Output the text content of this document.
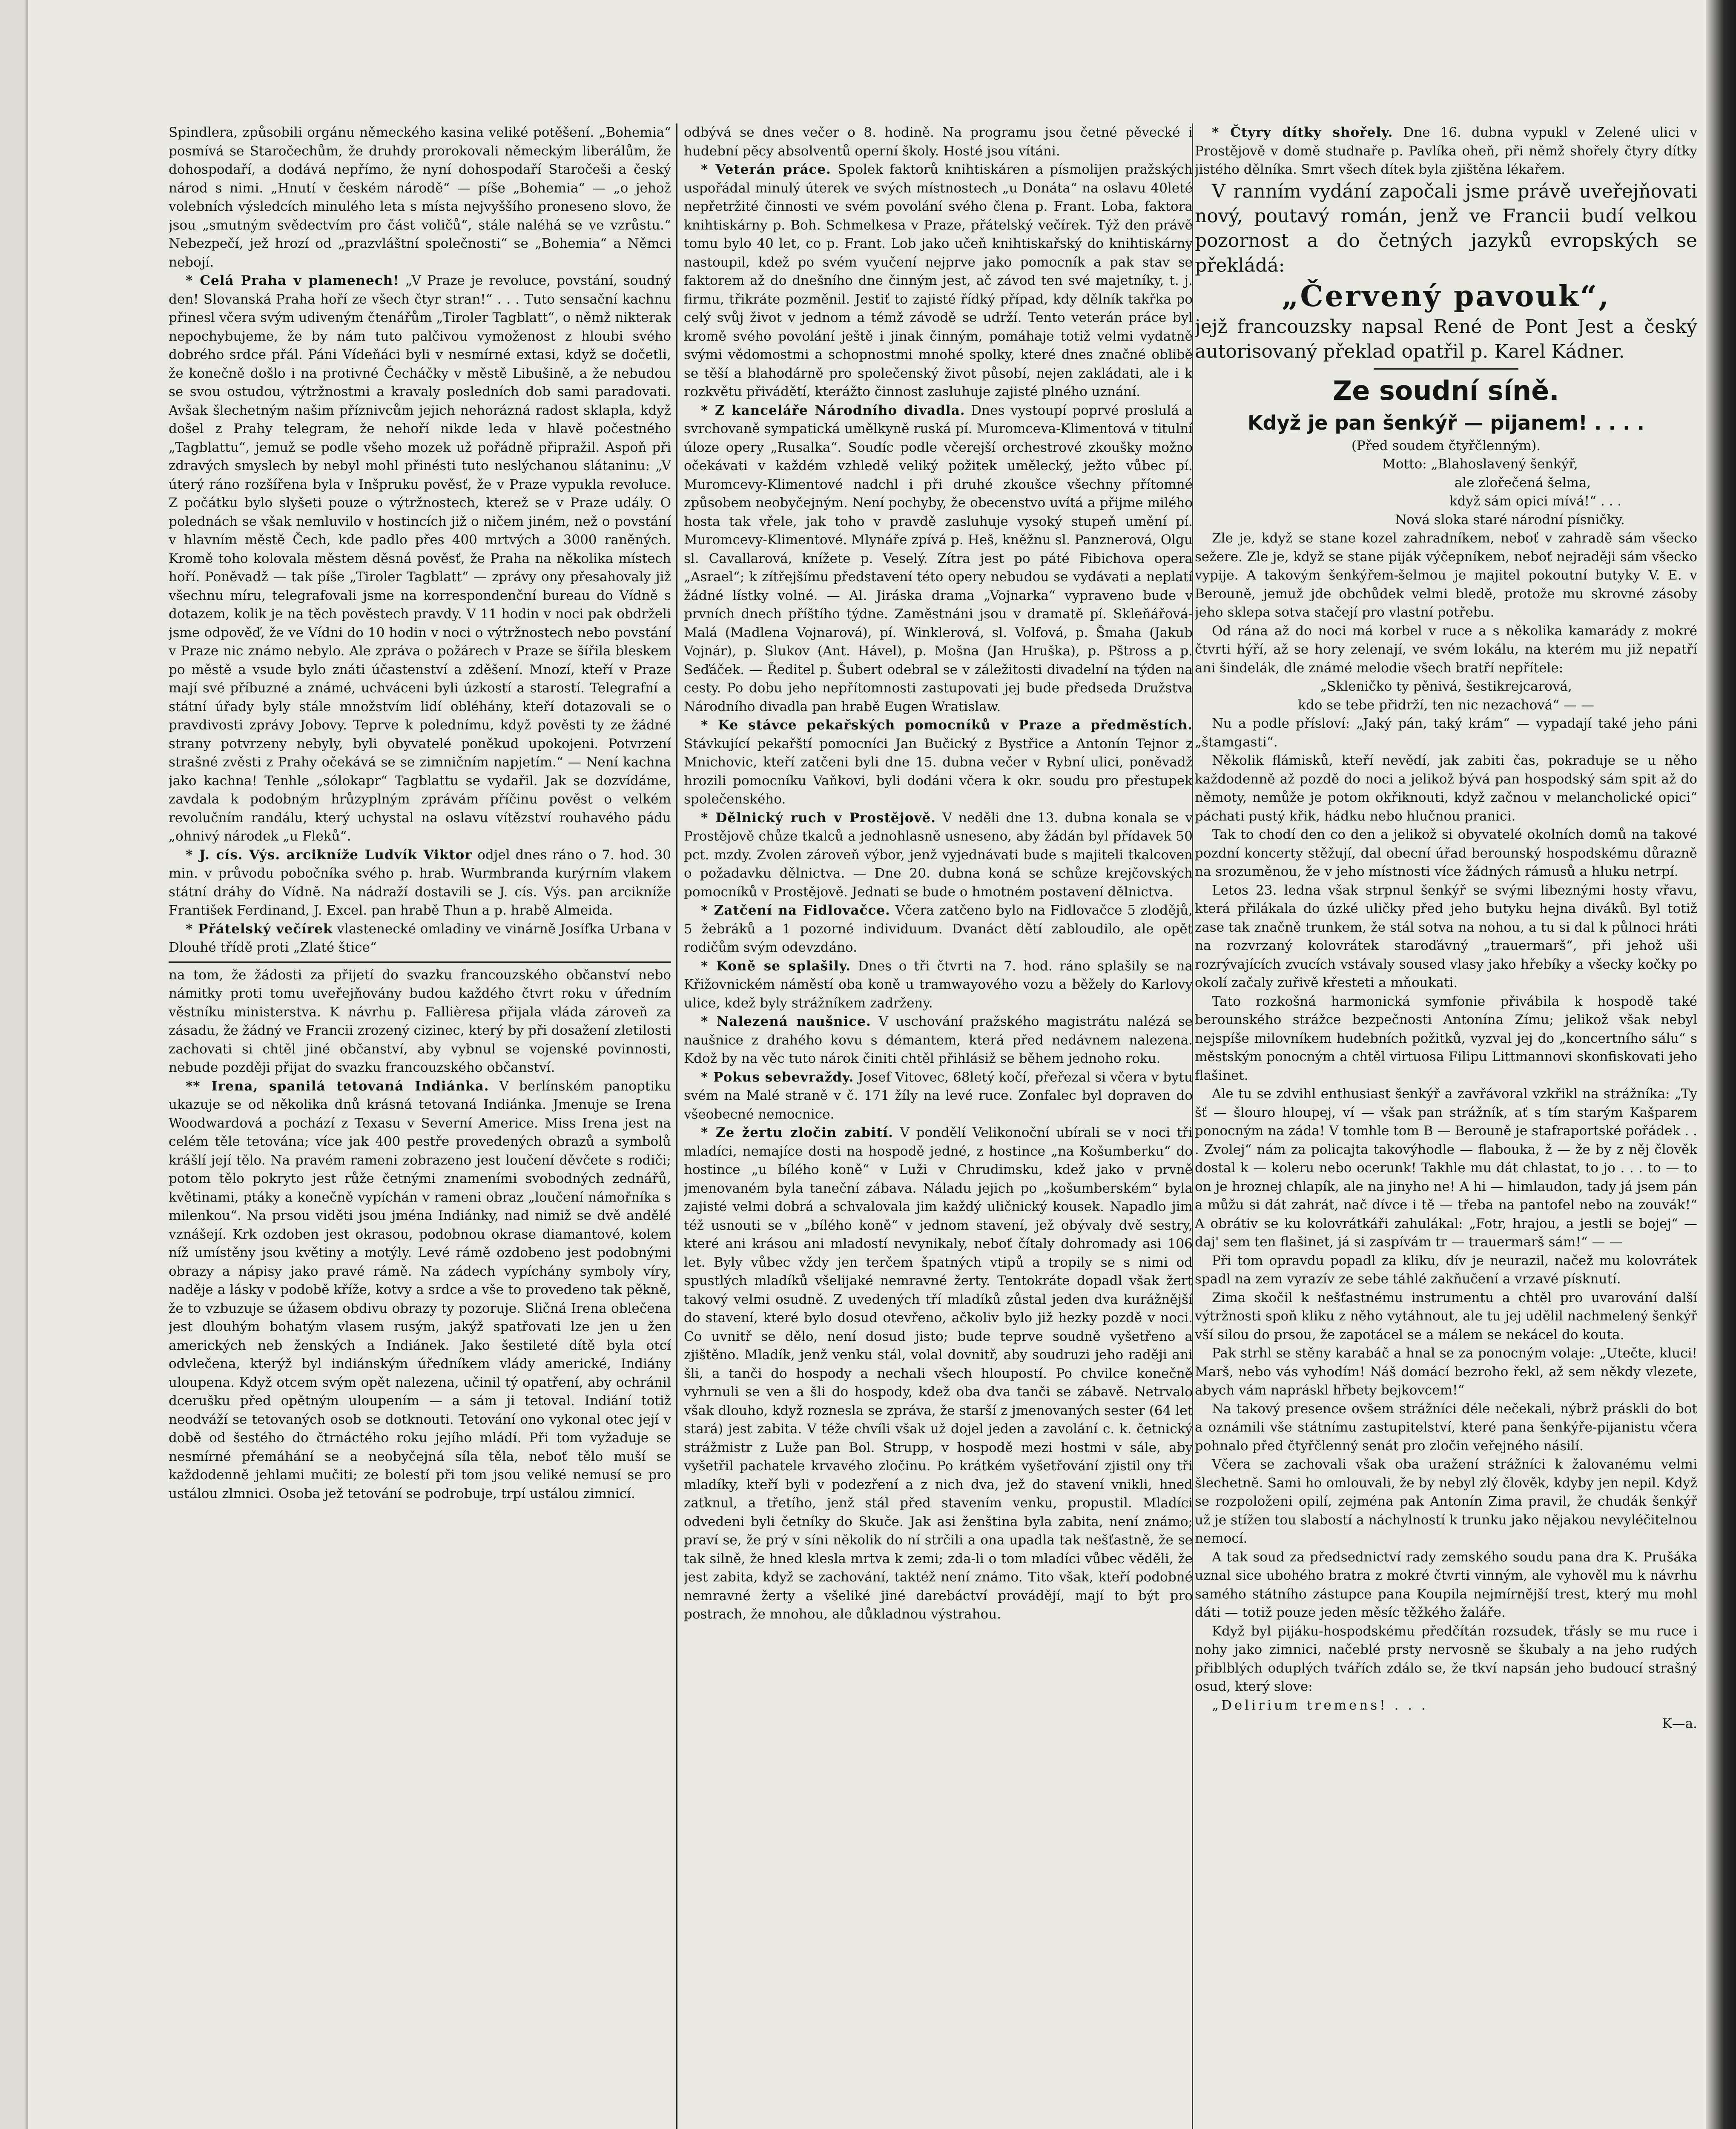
Spindlera, způsobili orgánu německého kasina veliké potěšení. „Bohemia“ posmívá se Staročechům, že druhdy prorokovali německým liberálům, že dohospodaří, a dodává nepřímo, že nyní dohospodaří Staročeši a český národ s nimi. „Hnutí v českém národě“ — píše „Bohemia“ — „o jehož volebních výsledcích minulého leta s místa nejvyššího proneseno slovo, že jsou „smutným svědectvím pro část voličů“, stále naléhá se ve vzrůstu.“ Nebezpečí, jež hrozí od „prazvláštní společnosti“ se „Bohemia“ a Němci nebojí.

* Celá Praha v plamenech! „V Praze je revoluce, povstání, soudný den! Slovanská Praha hoří ze všech čtyr stran!“ . . . Tuto sensační kachnu přinesl včera svým udiveným čtenářům „Tiroler Tagblatt“, o němž nikterak nepochybujeme, že by nám tuto palčivou vymoženost z hloubi svého dobrého srdce přál. Páni Vídeňáci byli v nesmírné extasi, když se dočetli, že konečně došlo i na protivné Čecháčky v městě Libušině, a že nebudou se svou ostudou, výtržnostmi a kravaly posledních dob sami paradovati. Avšak šlechetným našim příznivcům jejich nehorázná radost sklapla, když došel z Prahy telegram, že nehoří nikde leda v hlavě počestného „Tagblattu“, jemuž se podle všeho mozek už pořádně připražil. Aspoň při zdravých smyslech by nebyl mohl přinésti tuto neslýchanou slátaninu: „V úterý ráno rozšířena byla v Inšpruku pověsť, že v Praze vypukla revoluce. Z počátku bylo slyšeti pouze o výtržnostech, kterež se v Praze udály. O polednách se však nemluvilo v hostincích již o ničem jiném, než o povstání v hlavním městě Čech, kde padlo přes 400 mrtvých a 3000 raněných. Kromě toho kolovala městem děsná pověsť, že Praha na několika místech hoří. Poněvadž — tak píše „Tiroler Tagblatt“ — zprávy ony přesahovaly již všechnu míru, telegrafovali jsme na korrespondenční bureau do Vídně s dotazem, kolik je na těch pověstech pravdy. V 11 hodin v noci pak obdrželi jsme odpověď, že ve Vídni do 10 hodin v noci o výtržnostech nebo povstání v Praze nic známo nebylo. Ale zpráva o požárech v Praze se šířila bleskem po městě a vsude bylo znáti účastenství a zděšení. Mnozí, kteří v Praze mají své příbuzné a známé, uchváceni byli úzkostí a starostí. Telegrafní a státní úřady byly stále množstvím lidí obléhány, kteří dotazovali se o pravdivosti zprávy Jobovy. Teprve k polednímu, když pověsti ty ze žádné strany potvrzeny nebyly, byli obyvatelé poněkud upokojeni. Potvrzení strašné zvěsti z Prahy očekává se se zimničním napjetím.“ — Není kachna jako kachna! Tenhle „sólokapr“ Tagblattu se vydařil. Jak se dozvídáme, zavdala k podobným hrůzyplným zprávám příčinu pověst o velkém revolučním randálu, který uchystal na oslavu vítězství rouhavého pádu „ohnivý národek „u Fleků“.

* J. cís. Výs. arcikníže Ludvík Viktor odjel dnes ráno o 7. hod. 30 min. v průvodu pobočníka svého p. hrab. Wurmbranda kurýrním vlakem státní dráhy do Vídně. Na nádraží dostavili se J. cís. Výs. pan arcikníže František Ferdinand, J. Excel. pan hrabě Thun a p. hrabě Almeida.

* Přátelský večírek vlastenecké omladiny ve vinárně Josífka Urbana v Dlouhé třídě proti „Zlaté štice“

na tom, že žádosti za přijetí do svazku francouzského občanství nebo námitky proti tomu uveřejňovány budou každého čtvrt roku v úředním věstníku ministerstva. K návrhu p. Fallièresa přijala vláda zároveň za zásadu, že žádný ve Francii zrozený cizinec, který by při dosažení zletilosti zachovati si chtěl jiné občanství, aby vybnul se vojenské povinnosti, nebude později přijat do svazku francouzského občanství.

** Irena, spanilá tetovaná Indiánka. V berlínském panoptiku ukazuje se od několika dnů krásná tetovaná Indiánka. Jmenuje se Irena Woodwardová a pochází z Texasu v Severní Americe. Miss Irena jest na celém těle tetována; více jak 400 pestře provedených obrazů a symbolů krášlí její tělo. Na pravém rameni zobrazeno jest loučení děvčete s rodiči; potom tělo pokryto jest růže četnými znameními svobodných zednářů, květinami, ptáky a konečně vypíchán v rameni obraz „loučení námořníka s milenkou“. Na prsou viděti jsou jména Indiánky, nad nimiž se dvě andělé vznášejí. Krk ozdoben jest okrasou, podobnou okrase diamantové, kolem níž umístěny jsou květiny a motýly. Levé rámě ozdobeno jest podobnými obrazy a nápisy jako pravé rámě. Na zádech vypíchány symboly víry, naděje a lásky v podobě kříže, kotvy a srdce a vše to provedeno tak pěkně, že to vzbuzuje se úžasem obdivu obrazy ty pozoruje. Sličná Irena oblečena jest dlouhým bohatým vlasem rusým, jakýž spatřovati lze jen u žen amerických neb ženských a Indiánek. Jako šestileté dítě byla otcí odvlečena, kterýž byl indiánským úředníkem vlády americké, Indiány uloupena. Když otcem svým opět nalezena, učinil tý opatření, aby ochránil dcerušku před opětným uloupením — a sám ji tetoval. Indiání totiž neodváží se tetovaných osob se dotknouti. Tetování ono vykonal otec její v době od šestého do čtrnáctého roku jejího mládí. Při tom vyžaduje se nesmírné přemáhání se a neobyčejná síla těla, neboť tělo muší se každodenně jehlami mučiti; ze bolestí při tom jsou veliké nemusí se pro ustálou zlmnici. Osoba jež tetování se podrobuje, trpí ustálou zimnicí.

odbývá se dnes večer o 8. hodině. Na programu jsou četné pěvecké i hudební pĕcy absolventů operní školy. Hosté jsou vítáni.

* Veterán práce. Spolek faktorů knihtiskáren a písmolijen pražských uspořádal minulý úterek ve svých místnostech „u Donáta“ na oslavu 40leté nepřetržité činnosti ve svém povolání svého člena p. Frant. Loba, faktora knihtiskárny p. Boh. Schmelkesa v Praze, přátelský večírek. Týž den právě tomu bylo 40 let, co p. Frant. Lob jako učeň knihtiskařský do knihtiskárny nastoupil, kdež po svém vyučení nejprve jako pomocník a pak stav se faktorem až do dnešního dne činným jest, ač závod ten své majetníky, t. j. firmu, třikráte pozměnil. Jestiť to zajisté řídký případ, kdy dělník takřka po celý svůj život v jednom a témž závodě se udrží. Tento veterán práce byl kromě svého povolání ještě i jinak činným, pomáhaje totiž velmi vydatně svými vědomostmi a schopnostmi mnohé spolky, které dnes značné oblibě se těší a blahodárně pro společenský život působí, nejen zakládati, ale i k rozkvětu přivádětí, kterážto činnost zasluhuje zajisté plného uznání.

* Z kanceláře Národního divadla. Dnes vystoupí poprvé proslulá a svrchovaně sympatická umělkyně ruská pí. Muromceva-Klimentová v titulní úloze opery „Rusalka“. Soudíc podle včerejší orchestrové zkoušky možno očekávati v každém vzhledě veliký požitek umělecký, ježto vůbec pí. Muromcevy-Klimentové nadchl i při druhé zkoušce všechny přítomné způsobem neobyčejným. Není pochyby, že obecenstvo uvítá a přijme milého hosta tak vřele, jak toho v pravdě zasluhuje vysoký stupeň umění pí. Muromcevy-Klimentové. Mlynáře zpívá p. Heš, kněžnu sl. Panznerová, Olgu sl. Cavallarová, knížete p. Veselý. Zítra jest po páté Fibichova opera „Asrael“; k zítřejšímu představení této opery nebudou se vydávati a neplatí žádné lístky volné. — Al. Jiráska drama „Vojnarka“ vypraveno bude v prvních dnech příštího týdne. Zaměstnáni jsou v dramatě pí. Skleňářová-Malá (Madlena Vojnarová), pí. Winklerová, sl. Volfová, p. Šmaha (Jakub Vojnár), p. Slukov (Ant. Hável), p. Mošna (Jan Hruška), p. Pštross a p. Seďáček. — Ředitel p. Šubert odebral se v záležitosti divadelní na týden na cesty. Po dobu jeho nepřítomnosti zastupovati jej bude předseda Družstva Národního divadla pan hrabě Eugen Wratislaw.

* Ke stávce pekařských pomocníků v Praze a předměstích. Stávkující pekařští pomocníci Jan Bučický z Bystřice a Antonín Tejnor z Mnichovic, kteří zatčeni byli dne 15. dubna večer v Rybní ulici, poněvadž hrozili pomocníku Vaňkovi, byli dodáni včera k okr. soudu pro přestupek společenského.

* Dělnický ruch v Prostějově. V neděli dne 13. dubna konala se v Prostějově chůze tkalců a jednohlasně usneseno, aby žádán byl přídavek 50 pct. mzdy. Zvolen zároveň výbor, jenž vyjednávati bude s majiteli tkalcoven o požadavku dělnictva. — Dne 20. dubna koná se schůze krejčovských pomocníků v Prostějově. Jednati se bude o hmotném postavení dělnictva.

* Zatčení na Fidlovačce. Včera zatčeno bylo na Fidlovačce 5 zlodějů, 5 žebráků a 1 pozorné individuum. Dvanáct dětí zabloudilo, ale opět rodičům svým odevzdáno.

* Koně se splašily. Dnes o tři čtvrti na 7. hod. ráno splašily se na Křižovnickém náměstí oba koně u tramwayového vozu a běžely do Karlovy ulice, kdež byly strážníkem zadrženy.

* Nalezená naušnice. V uschování pražského magistrátu nalézá se naušnice z drahého kovu s démantem, která před nedávnem nalezena. Kdož by na věc tuto nárok činiti chtěl přihlásiž se během jednoho roku.

* Pokus sebevraždy. Josef Vitovec, 68letý kočí, přeřezal si včera v bytu svém na Malé straně v č. 171 žíly na levé ruce. Zonfalec byl dopraven do všeobecné nemocnice.

* Ze žertu zločin zabití. V pondělí Velikonoční ubírali se v noci tři mladíci, nemajíce dosti na hospodě jedné, z hostince „na Košumberku“ do hostince „u bílého koně“ v Luži v Chrudimsku, kdež jako v prvně jmenovaném byla taneční zábava. Náladu jejich po „košumberském“ byla zajisté velmi dobrá a schvalovala jim každý uličnický kousek. Napadlo jim též usnouti se v „bílého koně“ v jednom stavení, jež obývaly dvě sestry, které ani krásou ani mladostí nevynikaly, neboť čítaly dohromady asi 106 let. Byly vůbec vždy jen terčem špatných vtipů a tropily se s nimi od spustlých mladíků všelijaké nemravné žerty. Tentokráte dopadl však žert takový velmi osudně. Z uvedených tří mladíků zůstal jeden dva kurážnější do stavení, které bylo dosud otevřeno, ačkoliv bylo již hezky pozdě v noci. Co uvnitř se dělo, není dosud jisto; bude teprve soudně vyšetřeno a zjištěno. Mladík, jenž venku stál, volal dovnitř, aby soudruzi jeho raději ani šli, a tanči do hospody a nechali všech hloupostí. Po chvilce konečně vyhrnuli se ven a šli do hospody, kdež oba dva tanči se zábavě. Netrvalo však dlouho, když roznesla se zpráva, že starší z jmenovaných sester (64 let stará) jest zabita. V téže chvíli však už dojel jeden a zavolání c. k. četnický strážmistr z Luže pan Bol. Strupp, v hospodě mezi hostmi v sále, aby vyšetřil pachatele krvavého zločinu. Po krátkém vyšetřování zjistil ony tři mladíky, kteří byli v podezření a z nich dva, jež do stavení vnikli, hned zatknul, a třetího, jenž stál před stavením venku, propustil. Mladíci odvedeni byli četníky do Skuče. Jak asi ženština byla zabita, není známo; praví se, že prý v síni několik do ní strčili a ona upadla tak nešťastně, že se tak silně, že hned klesla mrtva k zemi; zda-li o tom mladíci vůbec věděli, že jest zabita, když se zachování, taktéž není známo. Tito však, kteří podobné nemravné žerty a všeliké jiné darebáctví provádějí, mají to být pro postrach, že mnohou, ale důkladnou výstrahou.

* Čtyry dítky shořely. Dne 16. dubna vypukl v Zelené ulici v Prostějově v domě studnaře p. Pavlíka oheň, při němž shořely čtyry dítky jistého dělníka. Smrt všech dítek byla zjištěna lékařem.

V ranním vydání započali jsme právě uveřejňovati nový, poutavý román, jenž ve Francii budí velkou pozornost a do četných jazyků evropských se překládá:

„Červený pavouk“,

jejž francouzsky napsal René de Pont Jest a český autorisovaný překlad opatřil p. Karel Kádner.

Ze soudní síně.

Když je pan šenkýř — pijanem! . . . .

(Před soudem čtyřčlenným).

Motto: „Blahoslavený šenkýř,

ale zlořečená šelma,

když sám opici mívá!“ . . .

Nová sloka staré národní písničky.

Zle je, když se stane kozel zahradníkem, neboť v zahradě sám všecko sežere. Zle je, když se stane piják výčepníkem, neboť nejraději sám všecko vypije. A takovým šenkýřem-šelmou je majitel pokoutní butyky V. E. v Berouně, jemuž jde obchůdek velmi bledě, protože mu skrovné zásoby jeho sklepa sotva stačejí pro vlastní potřebu.

Od rána až do noci má korbel v ruce a s několika kamarády z mokré čtvrti hýří, až se hory zelenají, ve svém lokálu, na kterém mu již nepatří ani šindelák, dle známé melodie všech bratří nepřítele:

„Skleničko ty pěnivá, šestikrejcarová,

kdo se tebe přidrží, ten nic nezachová“ — —

Nu a podle přísloví: „Jaký pán, taký krám“ — vypadají také jeho páni „štamgasti“.

Několik flámisků, kteří nevědí, jak zabiti čas, pokraduje se u něho každodenně až pozdě do noci a jelikož bývá pan hospodský sám spit až do němoty, nemůže je potom okřiknouti, když začnou v melancholické opici“ páchati pustý křik, hádku nebo hlučnou pranici.

Tak to chodí den co den a jelikož si obyvatelé okolních domů na takové pozdní koncerty stěžují, dal obecní úřad berounský hospodskému důrazně na srozuměnou, že v jeho místnosti více žádných rámusů a hluku netrpí.

Letos 23. ledna však strpnul šenkýř se svými libeznými hosty vřavu, která přilákala do úzké uličky před jeho butyku hejna diváků. Byl totiž zase tak značně trunkem, že stál sotva na nohou, a tu si dal k půlnoci hráti na rozvrzaný kolovrátek staroďávný „trauermarš“, při jehož uši rozrývajících zvucích vstávaly soused vlasy jako hřebíky a všecky kočky po okolí začaly zuřivě křesteti a mňoukati.

Tato rozkošná harmonická symfonie přivábila k hospodě také berounského strážce bezpečnosti Antonína Zímu; jelikož však nebyl nejspíše milovníkem hudebních požitků, vyzval jej do „koncertního sálu“ s městským ponocným a chtěl virtuosa Filipu Littmannovi skonfiskovati jeho flašinet.

Ale tu se zdvihl enthusiast šenkýř a zavřávoral vzkřikl na strážníka: „Ty šť — šlouro hloupej, ví — však pan strážník, ať s tím starým Kašparem ponocným na záda! V tomhle tom B — Berouně je stafraportské pořádek . . . Zvolej“ nám za policajta takovýhodle — flabouka, ž — že by z něj člověk dostal k — koleru nebo ocerunk! Takhle mu dát chlastat, to jo . . . to — to on je hroznej chlapík, ale na jinyho ne! A hi — himlaudon, tady já jsem pán a můžu si dát zahrát, nač dívce i tě — třeba na pantofel nebo na zouvák!“ A obrátiv se ku kolovrátkáři zahulákal: „Fotr, hrajou, a jestli se bojej“ — daj' sem ten flašinet, já si zaspívám tr — trauermarš sám!“ — —

Při tom opravdu popadl za kliku, dív je neurazil, načež mu kolovrátek spadl na zem vyrazív ze sebe táhlé zakňučení a vrzavé písknutí.

Zima skočil k nešťastnému instrumentu a chtěl pro uvarování další výtržnosti spoň kliku z něho vytáhnout, ale tu jej udělil nachmelený šenkýř vší silou do prsou, že zapotácel se a málem se nekácel do kouta.

Pak strhl se stěny karabáč a hnal se za ponocným volaje: „Utečte, kluci! Marš, nebo vás vyhodím! Náš domácí bezroho řekl, až sem někdy vlezete, abych vám napráskl hřbety bejkovcem!“

Na takový presence ovšem strážníci déle nečekali, nýbrž práskli do bot a oznámili vše státnímu zastupitelství, které pana šenkýře-pijanistu včera pohnalo před čtyřčlenný senát pro zločin veřejného násilí.

Včera se zachovali však oba uražení strážníci k žalovanému velmi šlechetně. Sami ho omlouvali, že by nebyl zlý člověk, kdyby jen nepil. Když se rozpoloženi opilí, zejména pak Antonín Zima pravil, že chudák šenkýř už je stížen tou slabostí a náchylností k trunku jako nějakou nevyléčitelnou nemocí.

A tak soud za předsednictví rady zemského soudu pana dra K. Prušáka uznal sice ubohého bratra z mokré čtvrti vinným, ale vyhověl mu k návrhu samého státního zástupce pana Koupila nejmírnější trest, který mu mohl dáti — totiž pouze jeden měsíc těžkého žaláře.

Když byl pijáku-hospodskému předčítán rozsudek, třásly se mu ruce i nohy jako zimnici, načeblé prsty nervosně se škubaly a na jeho rudých přiblblých oduplých tvářích zdálo se, že tkví napsán jeho budoucí strašný osud, který slove:

„Delirium tremens! . . .

K—a.
